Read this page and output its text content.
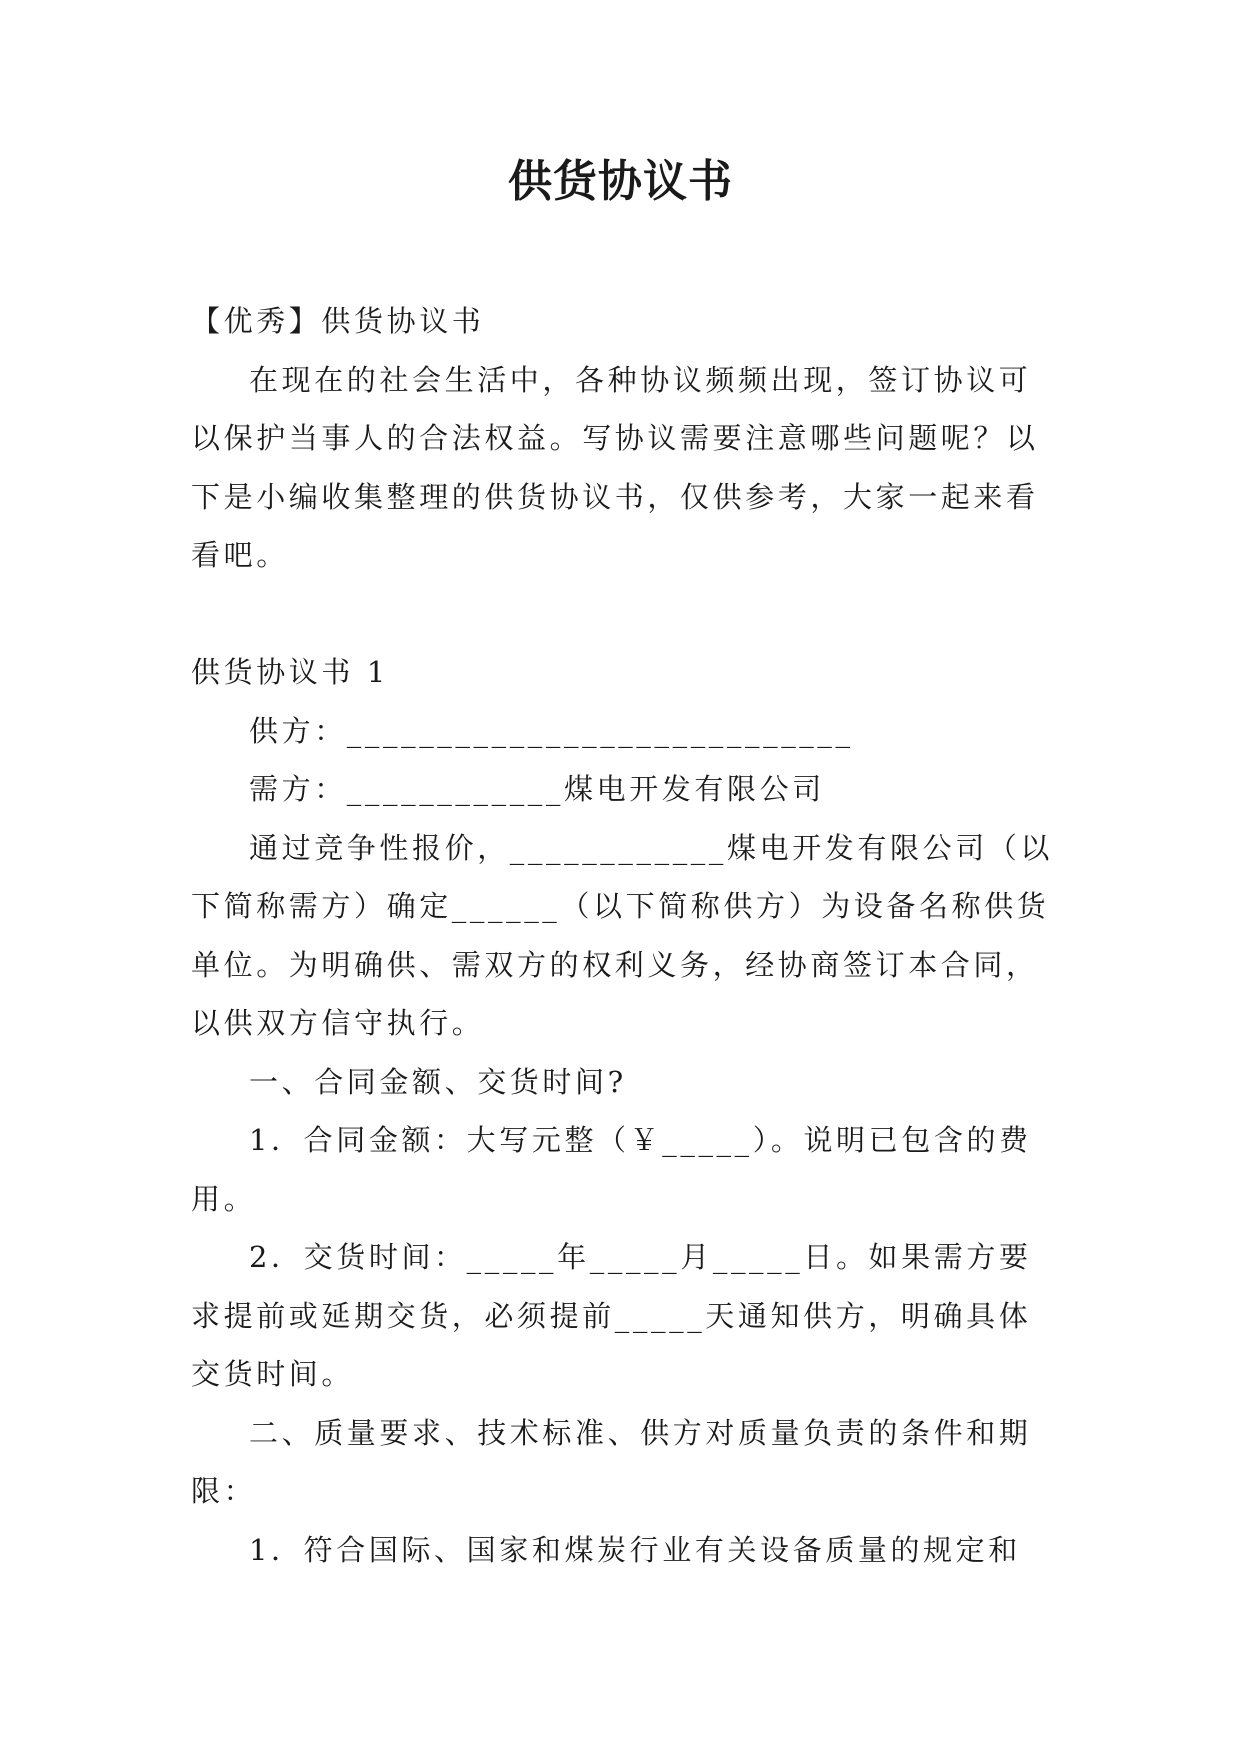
供货协议书

【优秀】供货协议书

在现在的社会生活中，各种协议频频出现，签订协议可以保护当事人的合法权益。写协议需要注意哪些问题呢？以下是小编收集整理的供货协议书，仅供参考，大家一起来看看吧。

供货协议书 1

供方：____________________________

需方：____________煤电开发有限公司

通过竞争性报价，____________煤电开发有限公司（以下简称需方）确定______（以下简称供方）为设备名称供货单位。为明确供、需双方的权利义务，经协商签订本合同，以供双方信守执行。

一、合同金额、交货时间?

1．合同金额：大写元整（￥_____）。说明已包含的费用。

2．交货时间：_____年_____月_____日。如果需方要求提前或延期交货，必须提前_____天通知供方，明确具体交货时间。

二、质量要求、技术标准、供方对质量负责的条件和期限：

1．符合国际、国家和煤炭行业有关设备质量的规定和
